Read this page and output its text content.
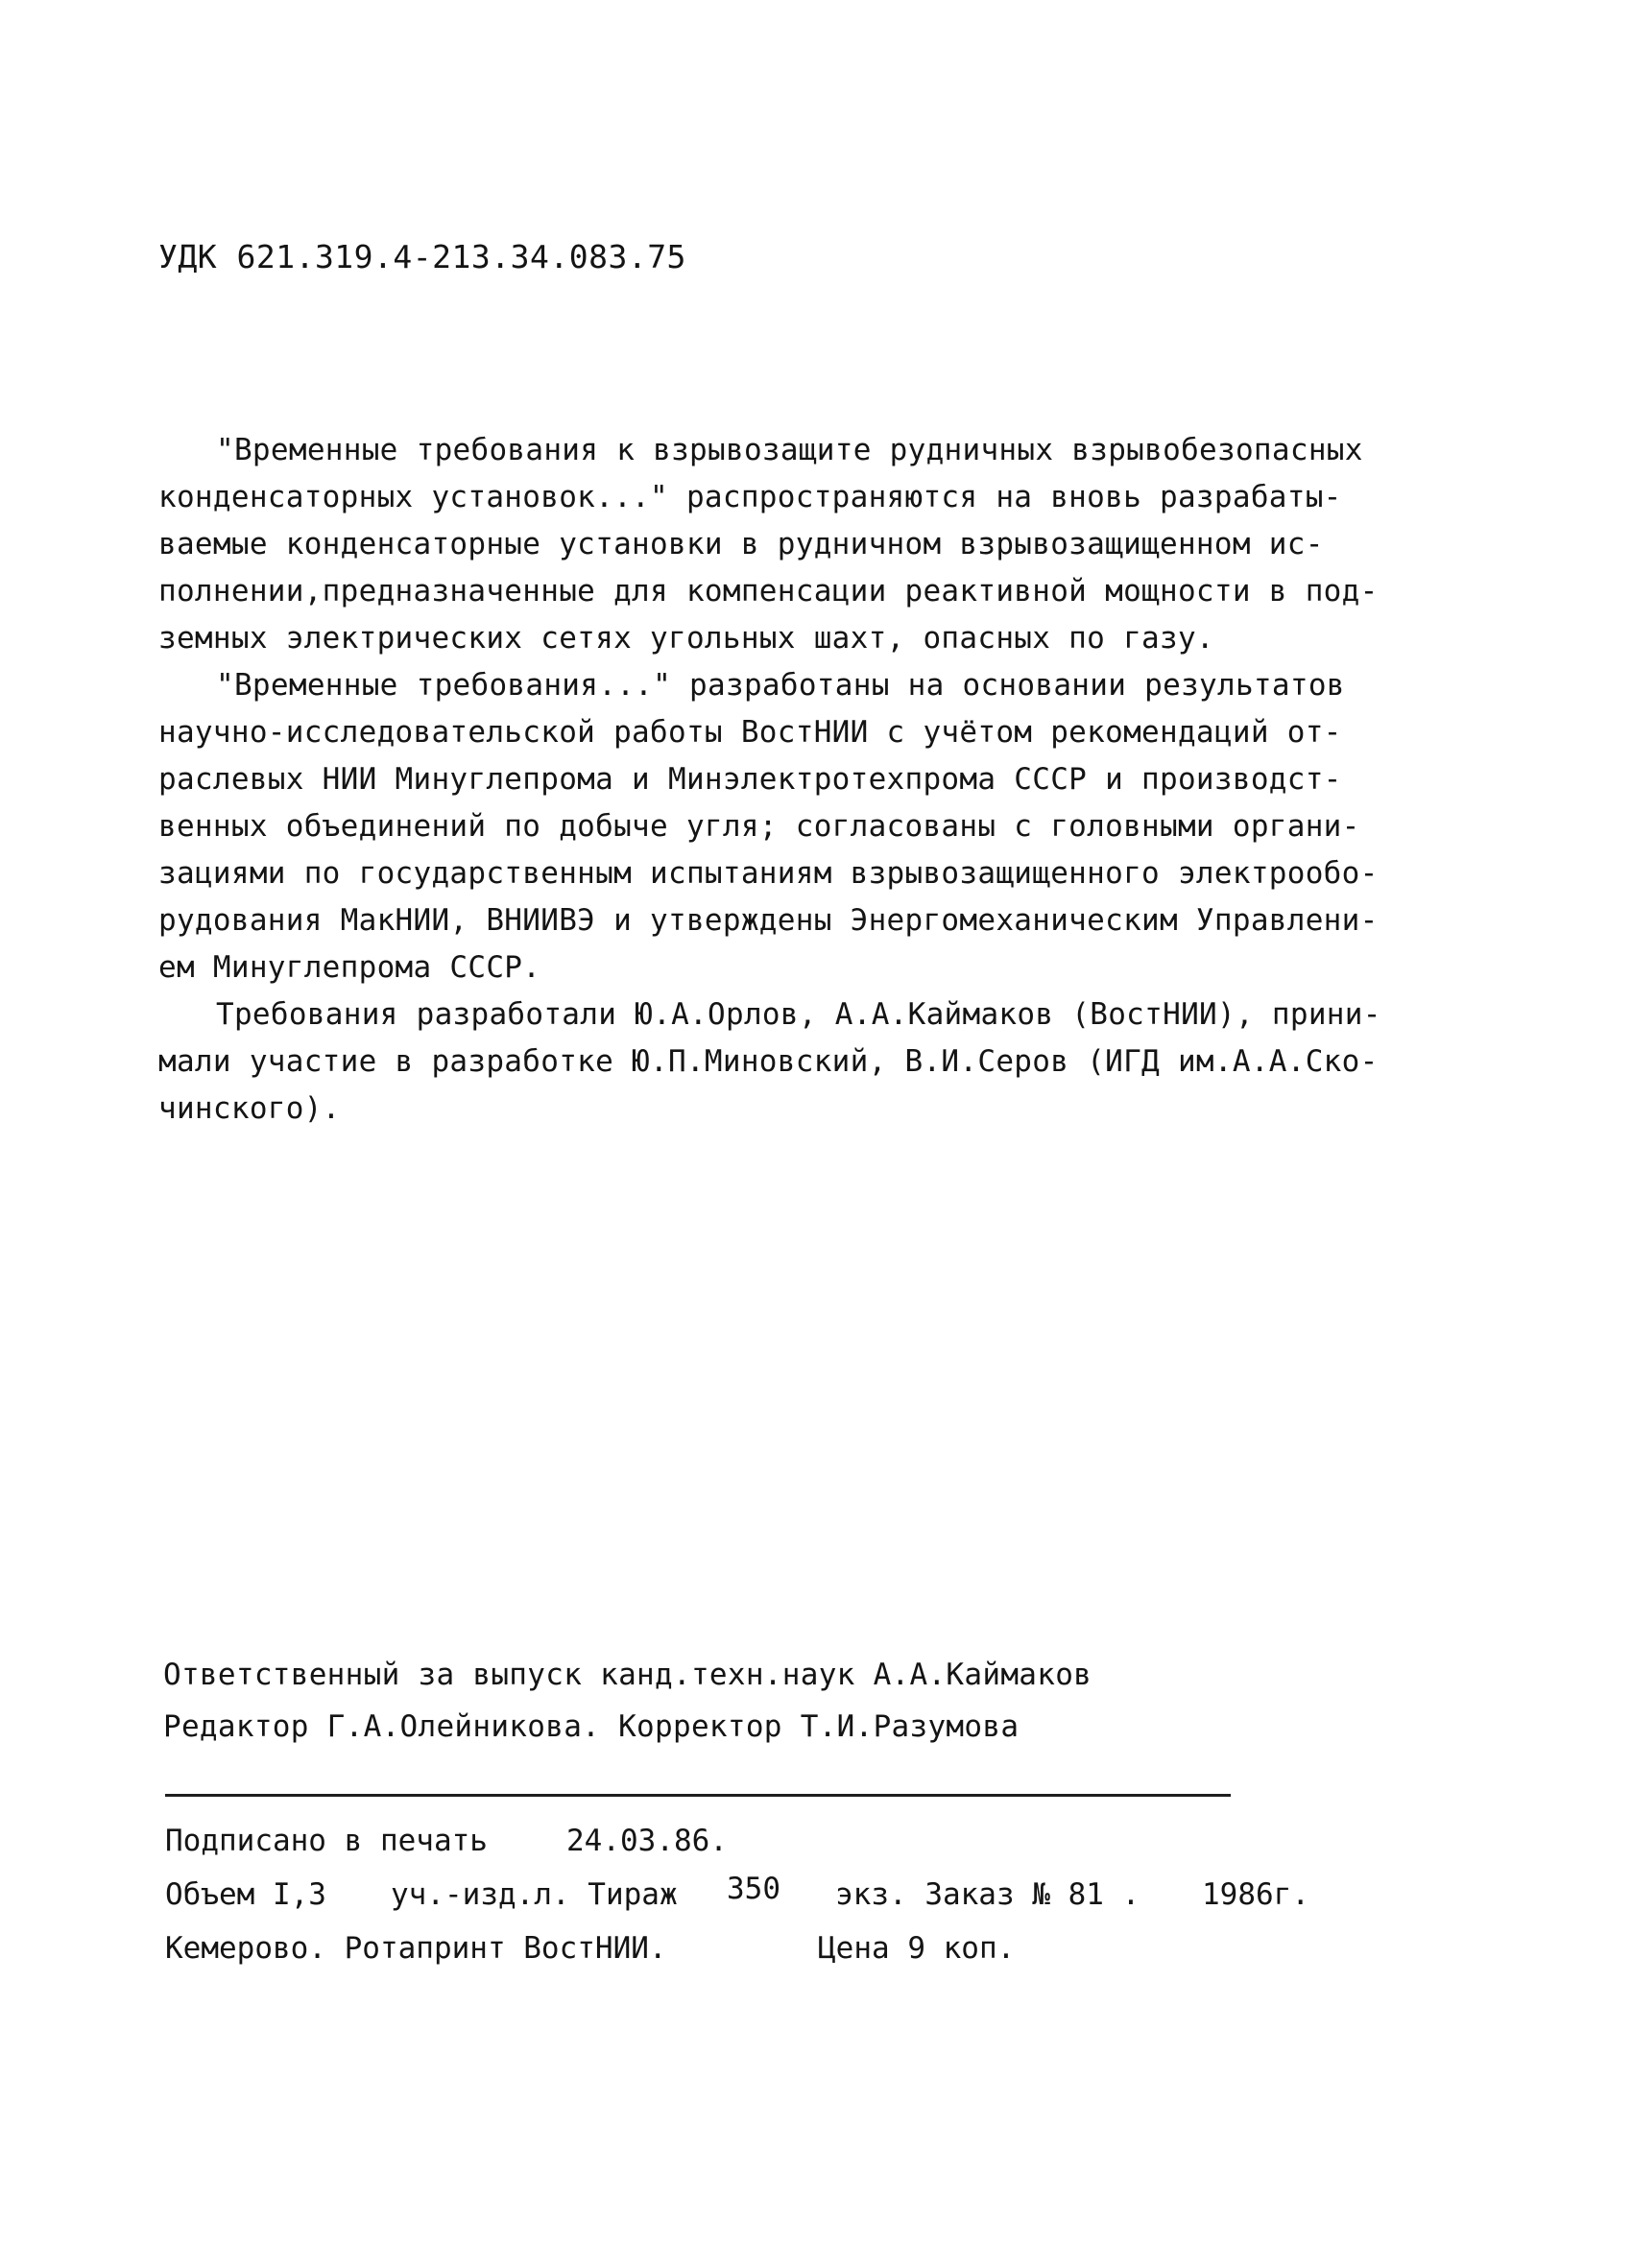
УДК 621.319.4-213.34.083.75
"Временные требования к взрывозащите рудничных взрывобезопасных
конденсаторных установок..." распространяются на вновь разрабаты-
ваемые конденсаторные установки в рудничном взрывозащищенном ис-
полнении,предназначенные для компенсации реактивной мощности в под-
земных электрических сетях угольных шахт, опасных по газу.
"Временные требования..." разработаны на основании результатов
научно-исследовательской работы ВостНИИ с учётом рекомендаций от-
раслевых НИИ Минуглепрома и Минэлектротехпрома СССР и производст-
венных объединений по добыче угля; согласованы с головными органи-
зациями по государственным испытаниям взрывозащищенного электрообо-
рудования МакНИИ, ВНИИВЭ и утверждены Энергомеханическим Управлени-
ем Минуглепрома СССР.
Требования разработали Ю.А.Орлов, А.А.Каймаков (ВостНИИ), прини-
мали участие в разработке Ю.П.Миновский, В.И.Серов (ИГД им.А.А.Ско-
чинского).
Ответственный за выпуск канд.техн.наук А.А.Каймаков
Редактор Г.А.Олейникова. Корректор Т.И.Разумова
Подписано в печать	24.03.86.
Объем I,3 уч.-изд.л. Тираж 350 экз. Заказ № 81 . 1986г.
Кемерово. Ротапринт ВостНИИ.	Цена 9 коп.
